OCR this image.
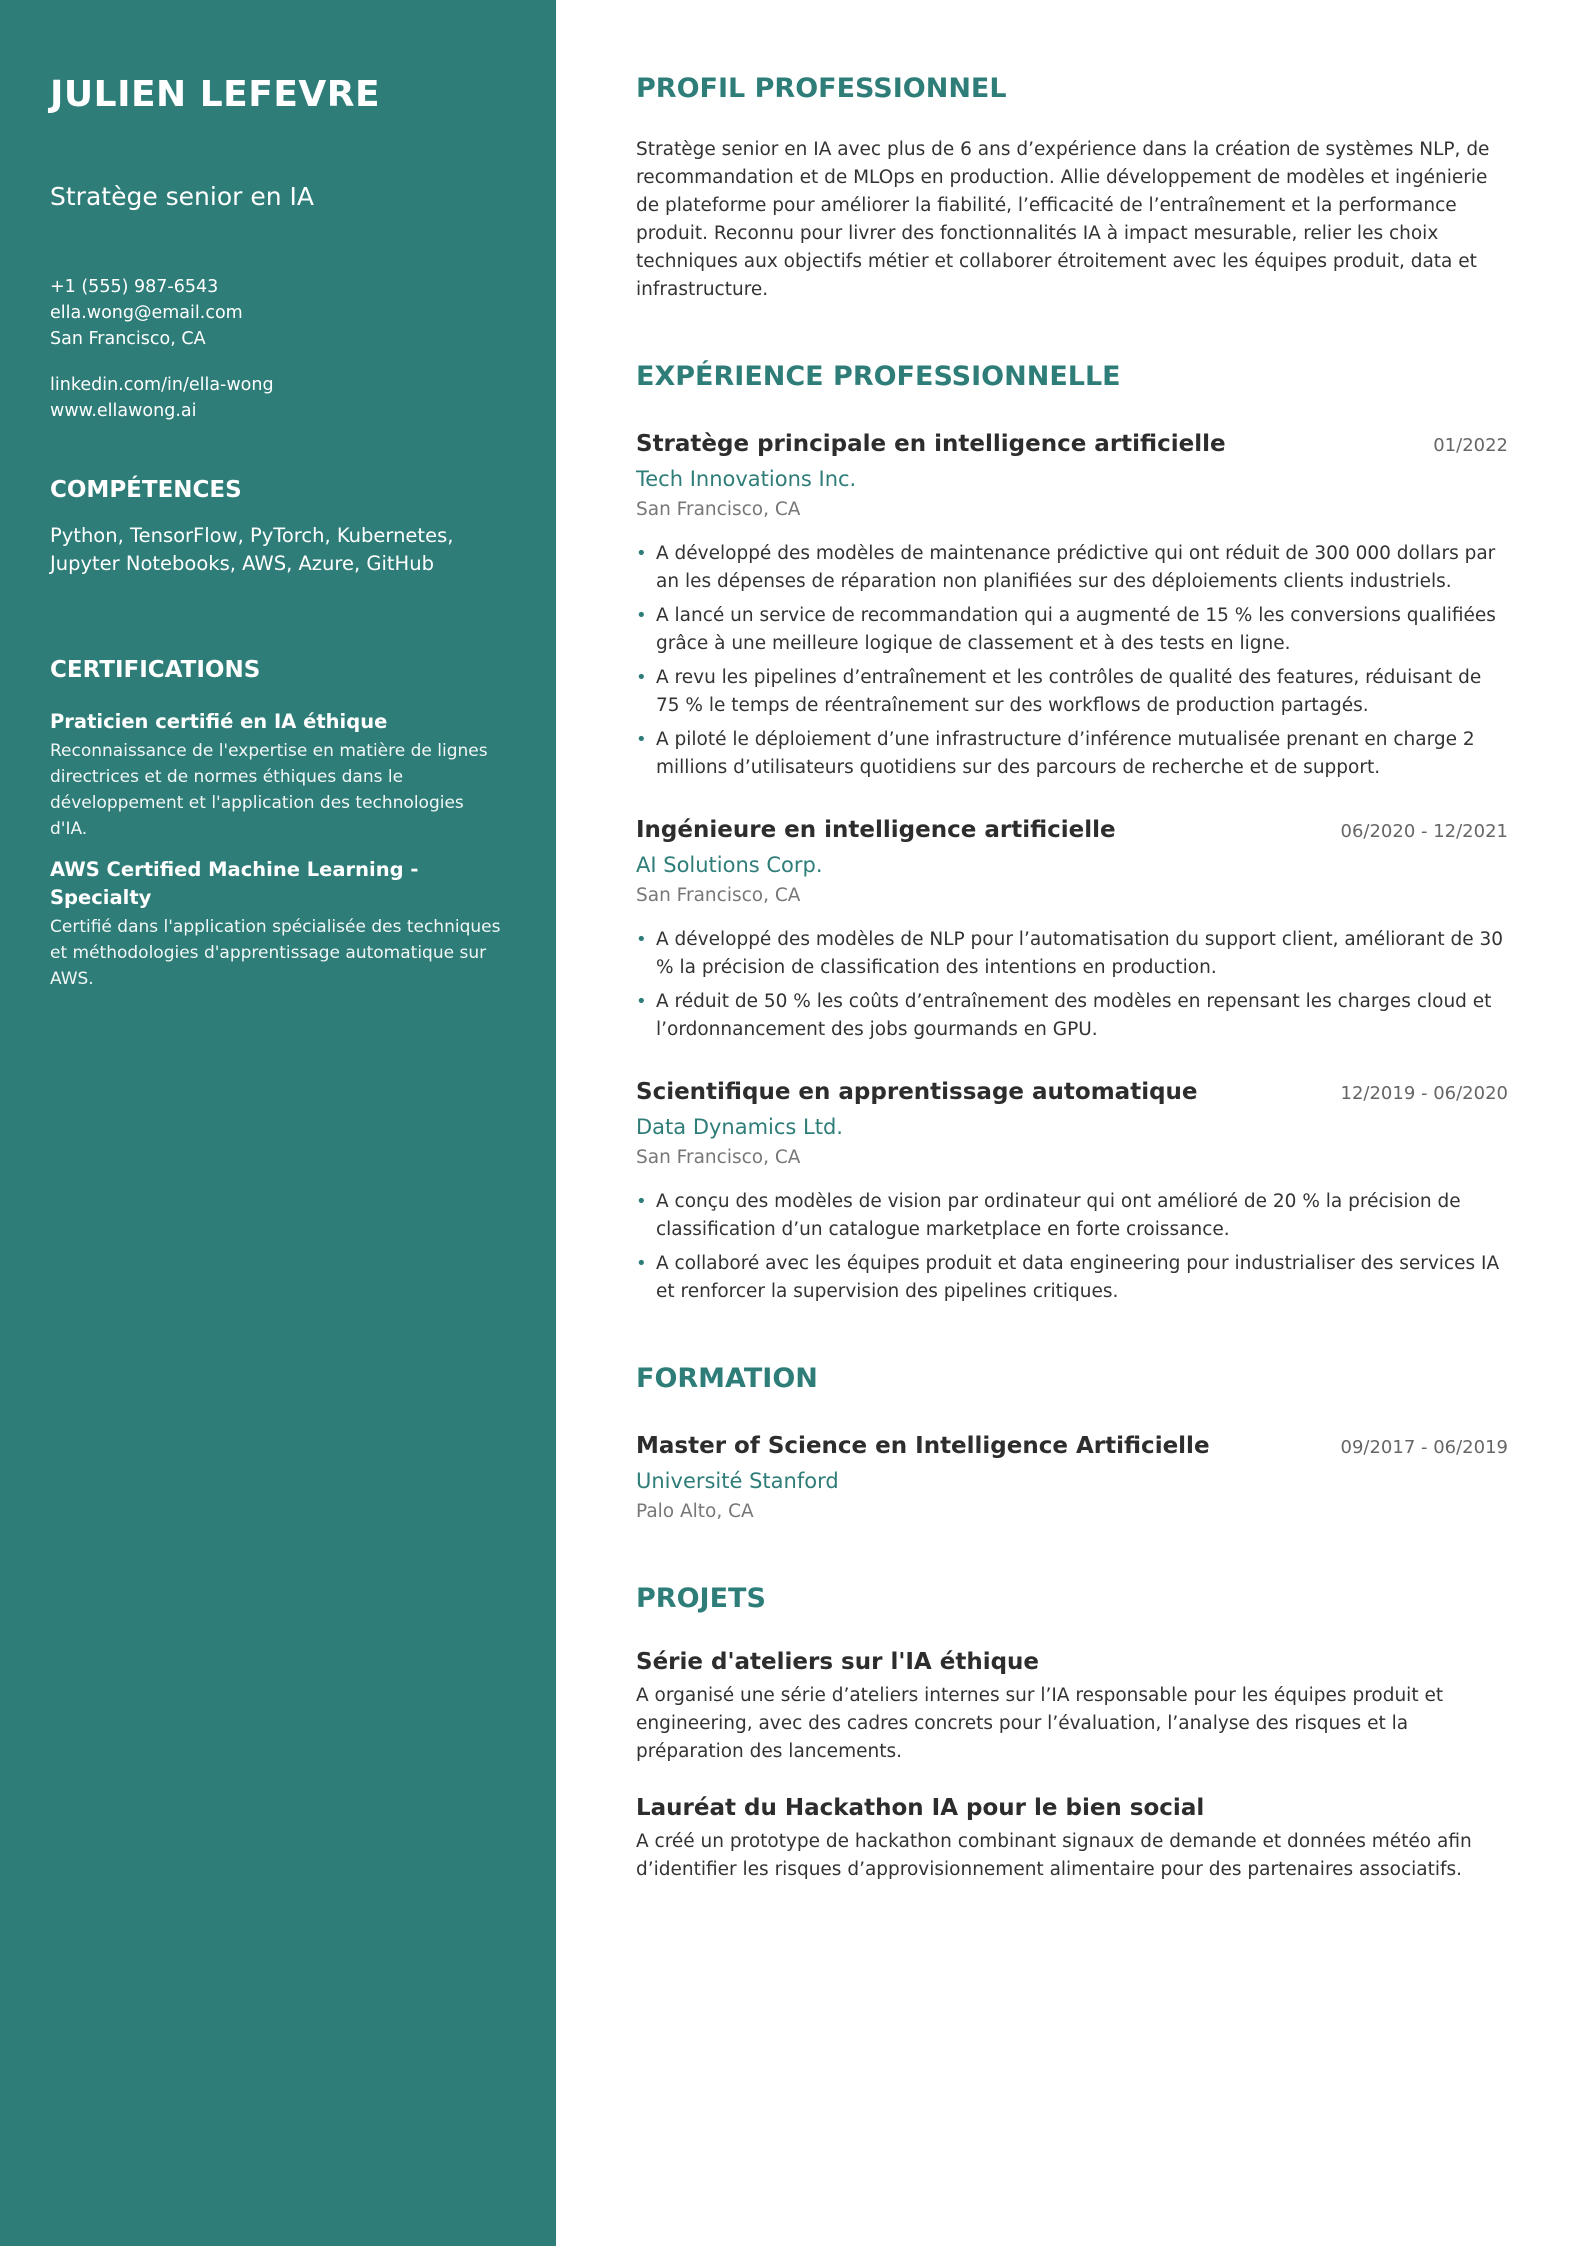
JULIEN LEFEVRE
Stratège senior en IA
+1 (555) 987-6543
ella.wong@email.com
San Francisco, CA
linkedin.com/in/ella-wong
www.ellawong.ai
COMPÉTENCES
Python, TensorFlow, PyTorch, Kubernetes, Jupyter Notebooks, AWS, Azure, GitHub
CERTIFICATIONS
Praticien certifié en IA éthique
Reconnaissance de l'expertise en matière de lignes directrices et de normes éthiques dans le développement et l'application des technologies d'IA.
AWS Certified Machine Learning - Specialty
Certifié dans l'application spécialisée des techniques et méthodologies d'apprentissage automatique sur AWS.
PROFIL PROFESSIONNEL

Stratège senior en IA avec plus de 6 ans d’expérience dans la création de systèmes NLP, de recommandation et de MLOps en production. Allie développement de modèles et ingénierie de plateforme pour améliorer la fiabilité, l’efficacité de l’entraînement et la performance produit. Reconnu pour livrer des fonctionnalités IA à impact mesurable, relier les choix techniques aux objectifs métier et collaborer étroitement avec les équipes produit, data et infrastructure.

EXPÉRIENCE PROFESSIONNELLE
Stratège principale en intelligence artificielle	01/2022
Tech Innovations Inc.
San Francisco, CA
• A développé des modèles de maintenance prédictive qui ont réduit de 300 000 dollars par an les dépenses de réparation non planifiées sur des déploiements clients industriels.
• A lancé un service de recommandation qui a augmenté de 15 % les conversions qualifiées grâce à une meilleure logique de classement et à des tests en ligne.
• A revu les pipelines d’entraînement et les contrôles de qualité des features, réduisant de 75 % le temps de réentraînement sur des workflows de production partagés.
• A piloté le déploiement d’une infrastructure d’inférence mutualisée prenant en charge 2 millions d’utilisateurs quotidiens sur des parcours de recherche et de support.
Ingénieure en intelligence artificielle	06/2020 - 12/2021
AI Solutions Corp.
San Francisco, CA
• A développé des modèles de NLP pour l’automatisation du support client, améliorant de 30 % la précision de classification des intentions en production.
• A réduit de 50 % les coûts d’entraînement des modèles en repensant les charges cloud et l’ordonnancement des jobs gourmands en GPU.
Scientifique en apprentissage automatique	12/2019 - 06/2020
Data Dynamics Ltd.
San Francisco, CA
• A conçu des modèles de vision par ordinateur qui ont amélioré de 20 % la précision de classification d’un catalogue marketplace en forte croissance.
• A collaboré avec les équipes produit et data engineering pour industrialiser des services IA et renforcer la supervision des pipelines critiques.
FORMATION
Master of Science en Intelligence Artificielle	09/2017 - 06/2019
Université Stanford
Palo Alto, CA
PROJETS
Série d'ateliers sur l'IA éthique
A organisé une série d’ateliers internes sur l’IA responsable pour les équipes produit et engineering, avec des cadres concrets pour l’évaluation, l’analyse des risques et la préparation des lancements.
Lauréat du Hackathon IA pour le bien social
A créé un prototype de hackathon combinant signaux de demande et données météo afin d’identifier les risques d’approvisionnement alimentaire pour des partenaires associatifs.
